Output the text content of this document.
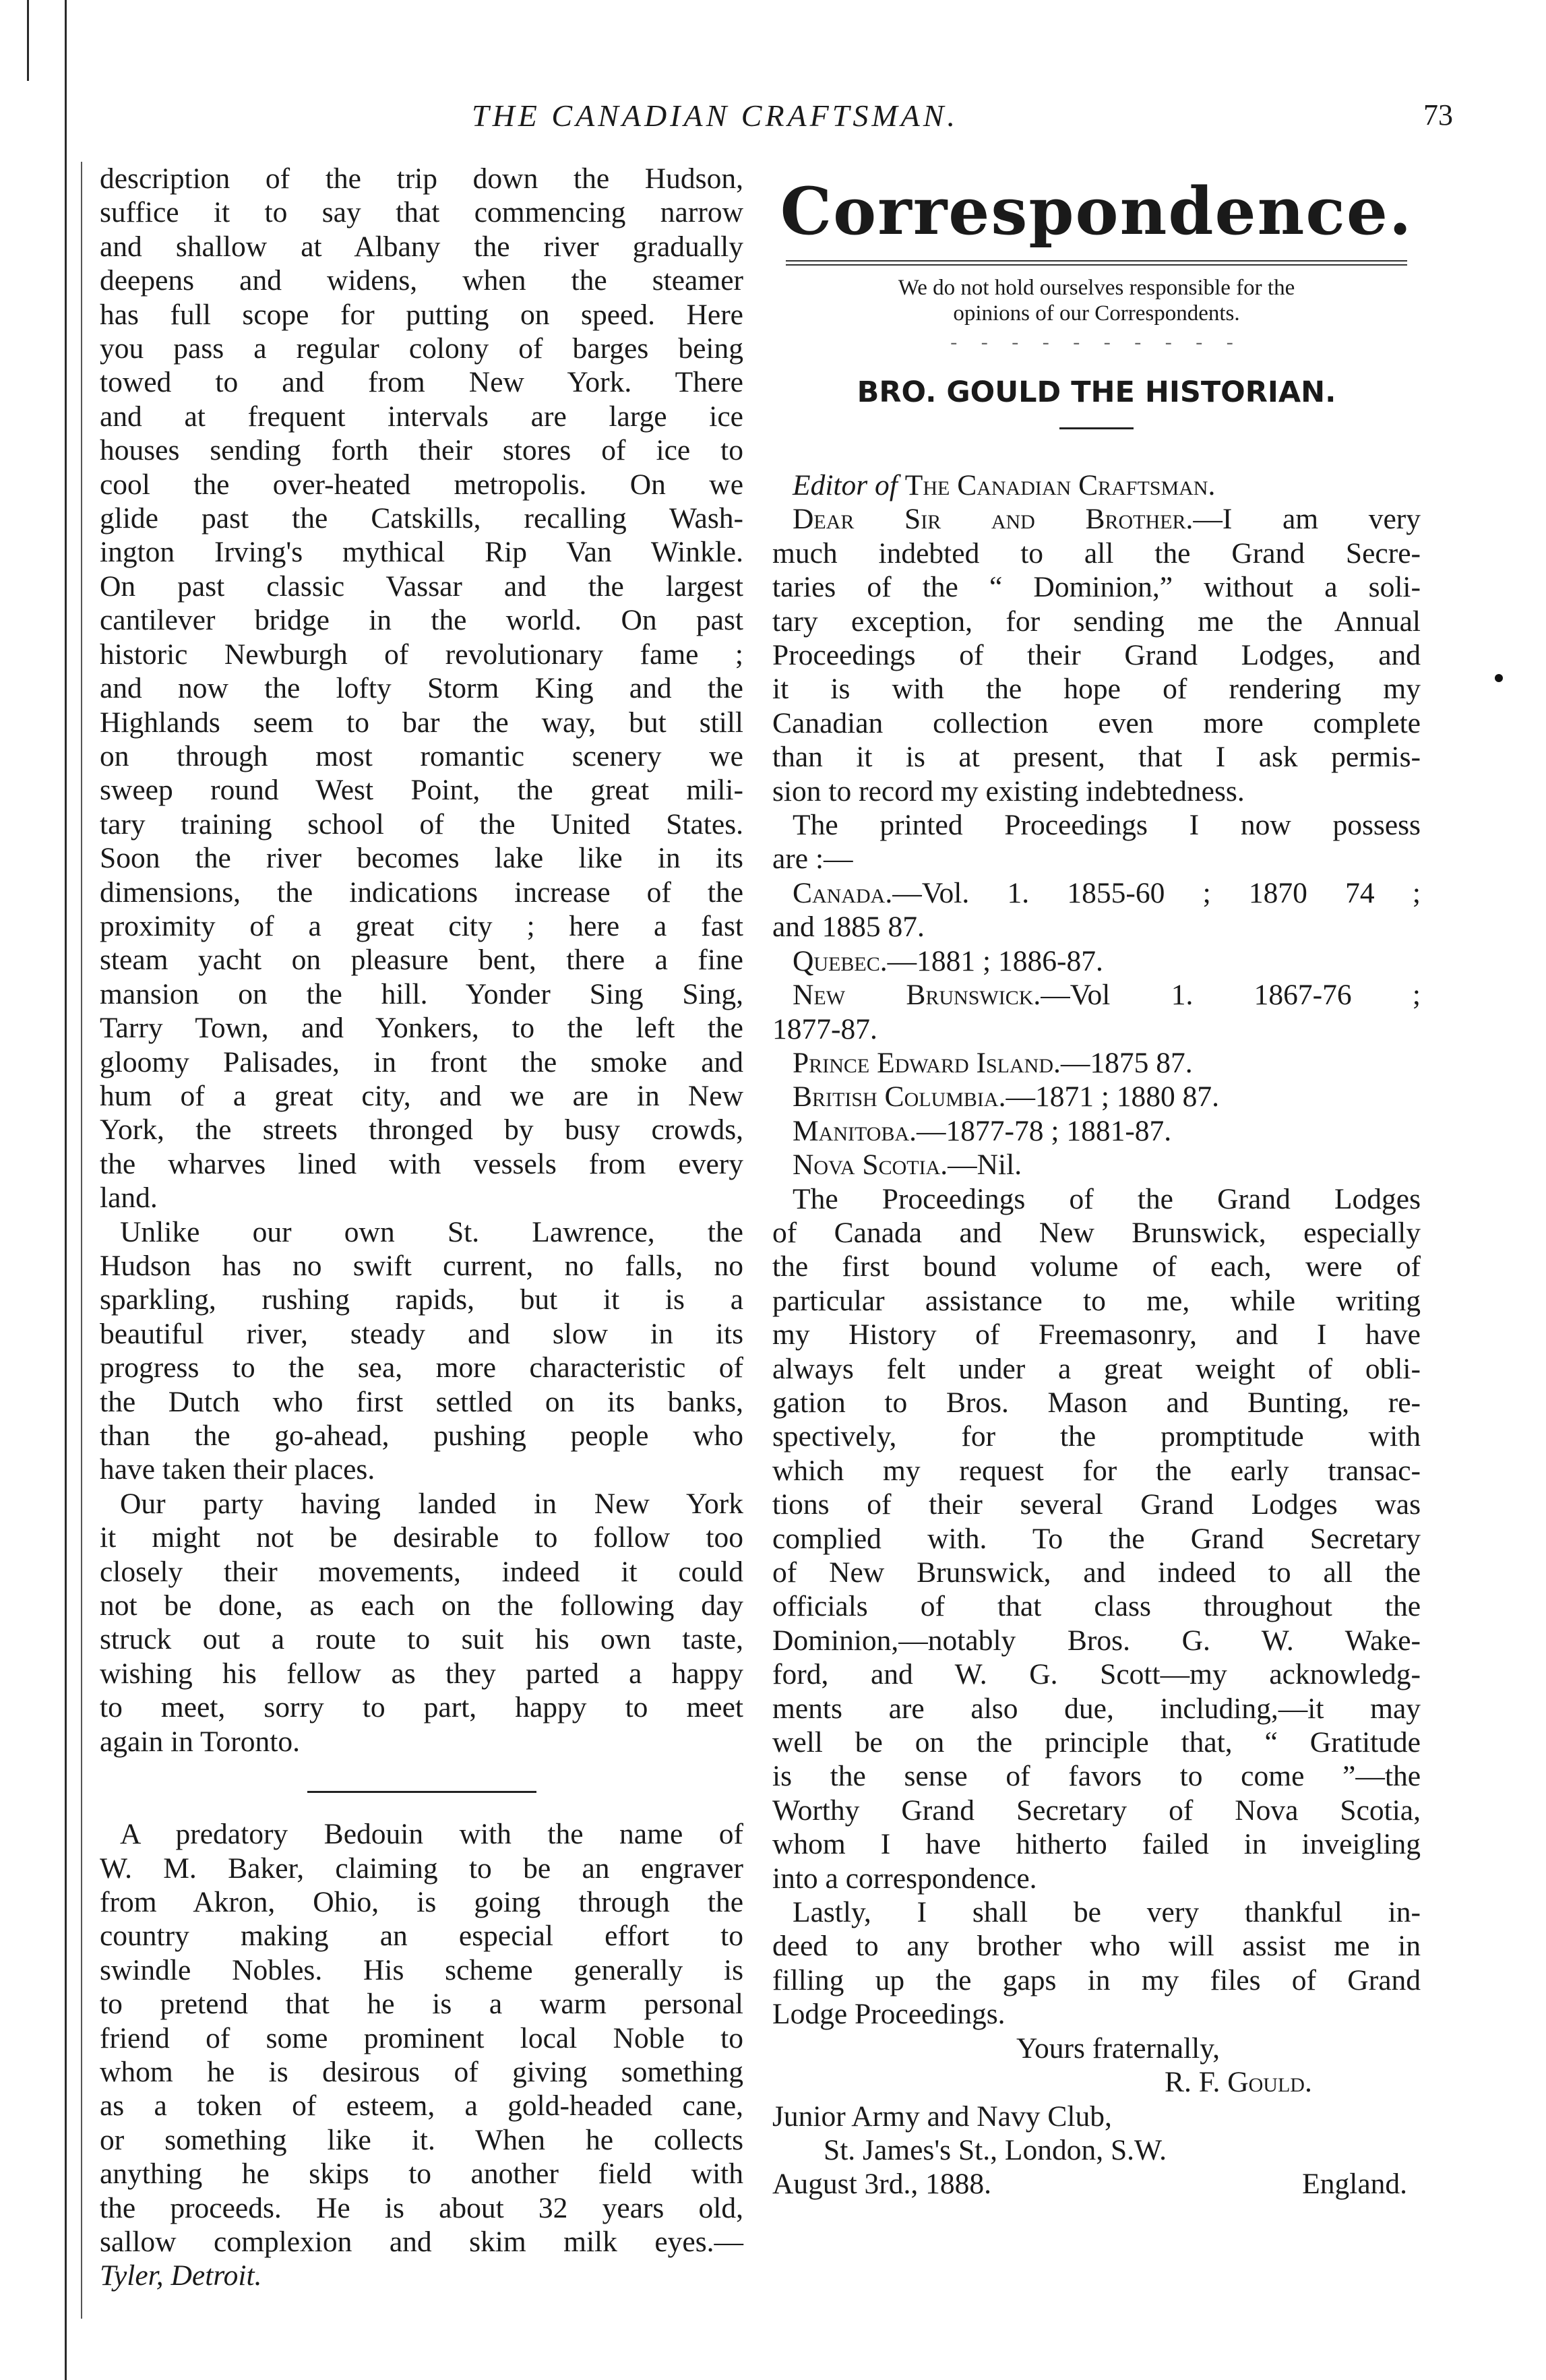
THE CANADIAN CRAFTSMAN.	73

description of the trip down the Hudson,

suffice it to say that commencing narrow

and shallow at Albany the river gradually

deepens and widens, when the steamer

has full scope for putting on speed. Here

you pass a regular colony of barges being

towed to and from New York. There

and at frequent intervals are large ice

houses sending forth their stores of ice to

cool the over-heated metropolis. On we

glide past the Catskills, recalling Wash-

ington Irving's mythical Rip Van Winkle.

On past classic Vassar and the largest

cantilever bridge in the world. On past

historic Newburgh of revolutionary fame ;

and now the lofty Storm King and the

Highlands seem to bar the way, but still

on through most romantic scenery we

sweep round West Point, the great mili-

tary training school of the United States.

Soon the river becomes lake like in its

dimensions, the indications increase of the

proximity of a great city ; here a fast

steam yacht on pleasure bent, there a fine

mansion on the hill. Yonder Sing Sing,

Tarry Town, and Yonkers, to the left the

gloomy Palisades, in front the smoke and

hum of a great city, and we are in New

York, the streets thronged by busy crowds,

the wharves lined with vessels from every

land.

Unlike our own St. Lawrence, the

Hudson has no swift current, no falls, no

sparkling, rushing rapids, but it is a

beautiful river, steady and slow in its

progress to the sea, more characteristic of

the Dutch who first settled on its banks,

than the go-ahead, pushing people who

have taken their places.

Our party having landed in New York

it might not be desirable to follow too

closely their movements, indeed it could

not be done, as each on the following day

struck out a route to suit his own taste,

wishing his fellow as they parted a happy

to meet, sorry to part, happy to meet

again in Toronto.

A predatory Bedouin with the name of

W. M. Baker, claiming to be an engraver

from Akron, Ohio, is going through the

country making an especial effort to

swindle Nobles. His scheme generally is

to pretend that he is a warm personal

friend of some prominent local Noble to

whom he is desirous of giving something

as a token of esteem, a gold-headed cane,

or something like it. When he collects

anything he skips to another field with

the proceeds. He is about 32 years old,

sallow complexion and skim milk eyes.—

Tyler, Detroit.

Correspondence.
We do not hold ourselves responsible for the
opinions of our Correspondents.
- - - - - - - - - -
BRO. GOULD THE HISTORIAN.

Editor of The Canadian Craftsman.

Dear Sir and Brother.—I am very

much indebted to all the Grand Secre-

taries of the “ Dominion,” without a soli-

tary exception, for sending me the Annual

Proceedings of their Grand Lodges, and

it is with the hope of rendering my

Canadian collection even more complete

than it is at present, that I ask permis-

sion to record my existing indebtedness.

The printed Proceedings I now possess

are :—

Canada.—Vol. 1. 1855-60 ; 1870 74 ;

and 1885 87.

Quebec.—1881 ; 1886-87.

New Brunswick.—Vol 1. 1867-76 ;

1877-87.

Prince Edward Island.—1875 87.

British Columbia.—1871 ; 1880 87.

Manitoba.—1877-78 ; 1881-87.

Nova Scotia.—Nil.

The Proceedings of the Grand Lodges

of Canada and New Brunswick, especially

the first bound volume of each, were of

particular assistance to me, while writing

my History of Freemasonry, and I have

always felt under a great weight of obli-

gation to Bros. Mason and Bunting, re-

spectively, for the promptitude with

which my request for the early transac-

tions of their several Grand Lodges was

complied with. To the Grand Secretary

of New Brunswick, and indeed to all the

officials of that class throughout the

Dominion,—notably Bros. G. W. Wake-

ford, and W. G. Scott—my acknowledg-

ments are also due, including,—it may

well be on the principle that, “ Gratitude

is the sense of favors to come ”—the

Worthy Grand Secretary of Nova Scotia,

whom I have hitherto failed in inveigling

into a correspondence.

Lastly, I shall be very thankful in-

deed to any brother who will assist me in

filling up the gaps in my files of Grand

Lodge Proceedings.

Yours fraternally,
R. F. Gould.
Junior Army and Navy Club,
St. James's St., London, S.W.
August 3rd., 1888.	England.
